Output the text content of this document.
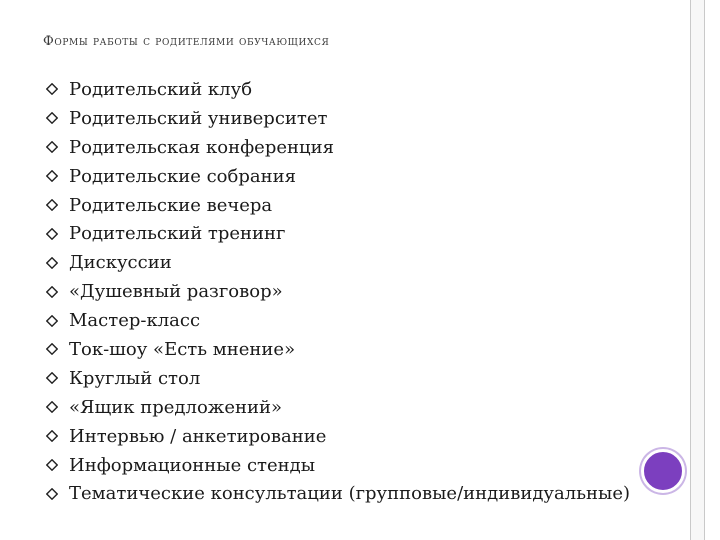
Формы работы с родителями обучающихся
Родительский клуб
Родительский университет
Родительская конференция
Родительские собрания
Родительские вечера
Родительский тренинг
Дискуссии
«Душевный разговор»
Мастер-класс
Ток-шоу «Есть мнение»
Круглый стол
«Ящик предложений»
Интервью / анкетирование
Информационные стенды
Тематические консультации (групповые/индивидуальные)
